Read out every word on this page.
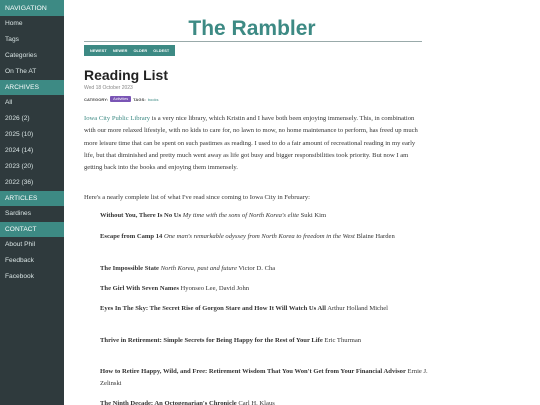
NAVIGATION
Home
Tags
Categories
On The AT
ARCHIVES
All
2026 (2)
2025 (10)
2024 (14)
2023 (20)
2022 (36)
ARTICLES
Sardines
CONTACT
About Phil
Feedback
Facebook
The Rambler
NEWEST	NEWER	OLDER	OLDEST
Reading List
Wed 18 October 2023
CATEGORY:	Activities	TAGS: books

Iowa City Public Library is a very nice library, which Kristin and I have both been enjoying immensely. This, in combination with our more relaxed lifestyle, with no kids to care for, no lawn to mow, no home maintenance to perform, has freed up much more leisure time that can be spent on such pastimes as reading. I used to do a fair amount of recreational reading in my early life, but that diminished and pretty much went away as life got busy and bigger responsibilities took priority. But now I am getting back into the books and enjoying them immensely.

Here's a nearly complete list of what I've read since coming to Iowa City in February:

Without You, There Is No Us My time with the sons of North Korea's elite Suki Kim
Escape from Camp 14 One man's remarkable odyssey from North Korea to freedom in the West Blaine Harden
The Impossible State North Korea, past and future Victor D. Cha
The Girl With Seven Names Hyonseo Lee, David John
Eyes In The Sky: The Secret Rise of Gorgon Stare and How It Will Watch Us All Arthur Holland Michel
Thrive in Retirement: Simple Secrets for Being Happy for the Rest of Your Life Eric Thurman
How to Retire Happy, Wild, and Free: Retirement Wisdom That You Won't Get from Your Financial Advisor Ernie J. Zelinski
The Ninth Decade: An Octogenarian's Chronicle Carl H. Klaus
